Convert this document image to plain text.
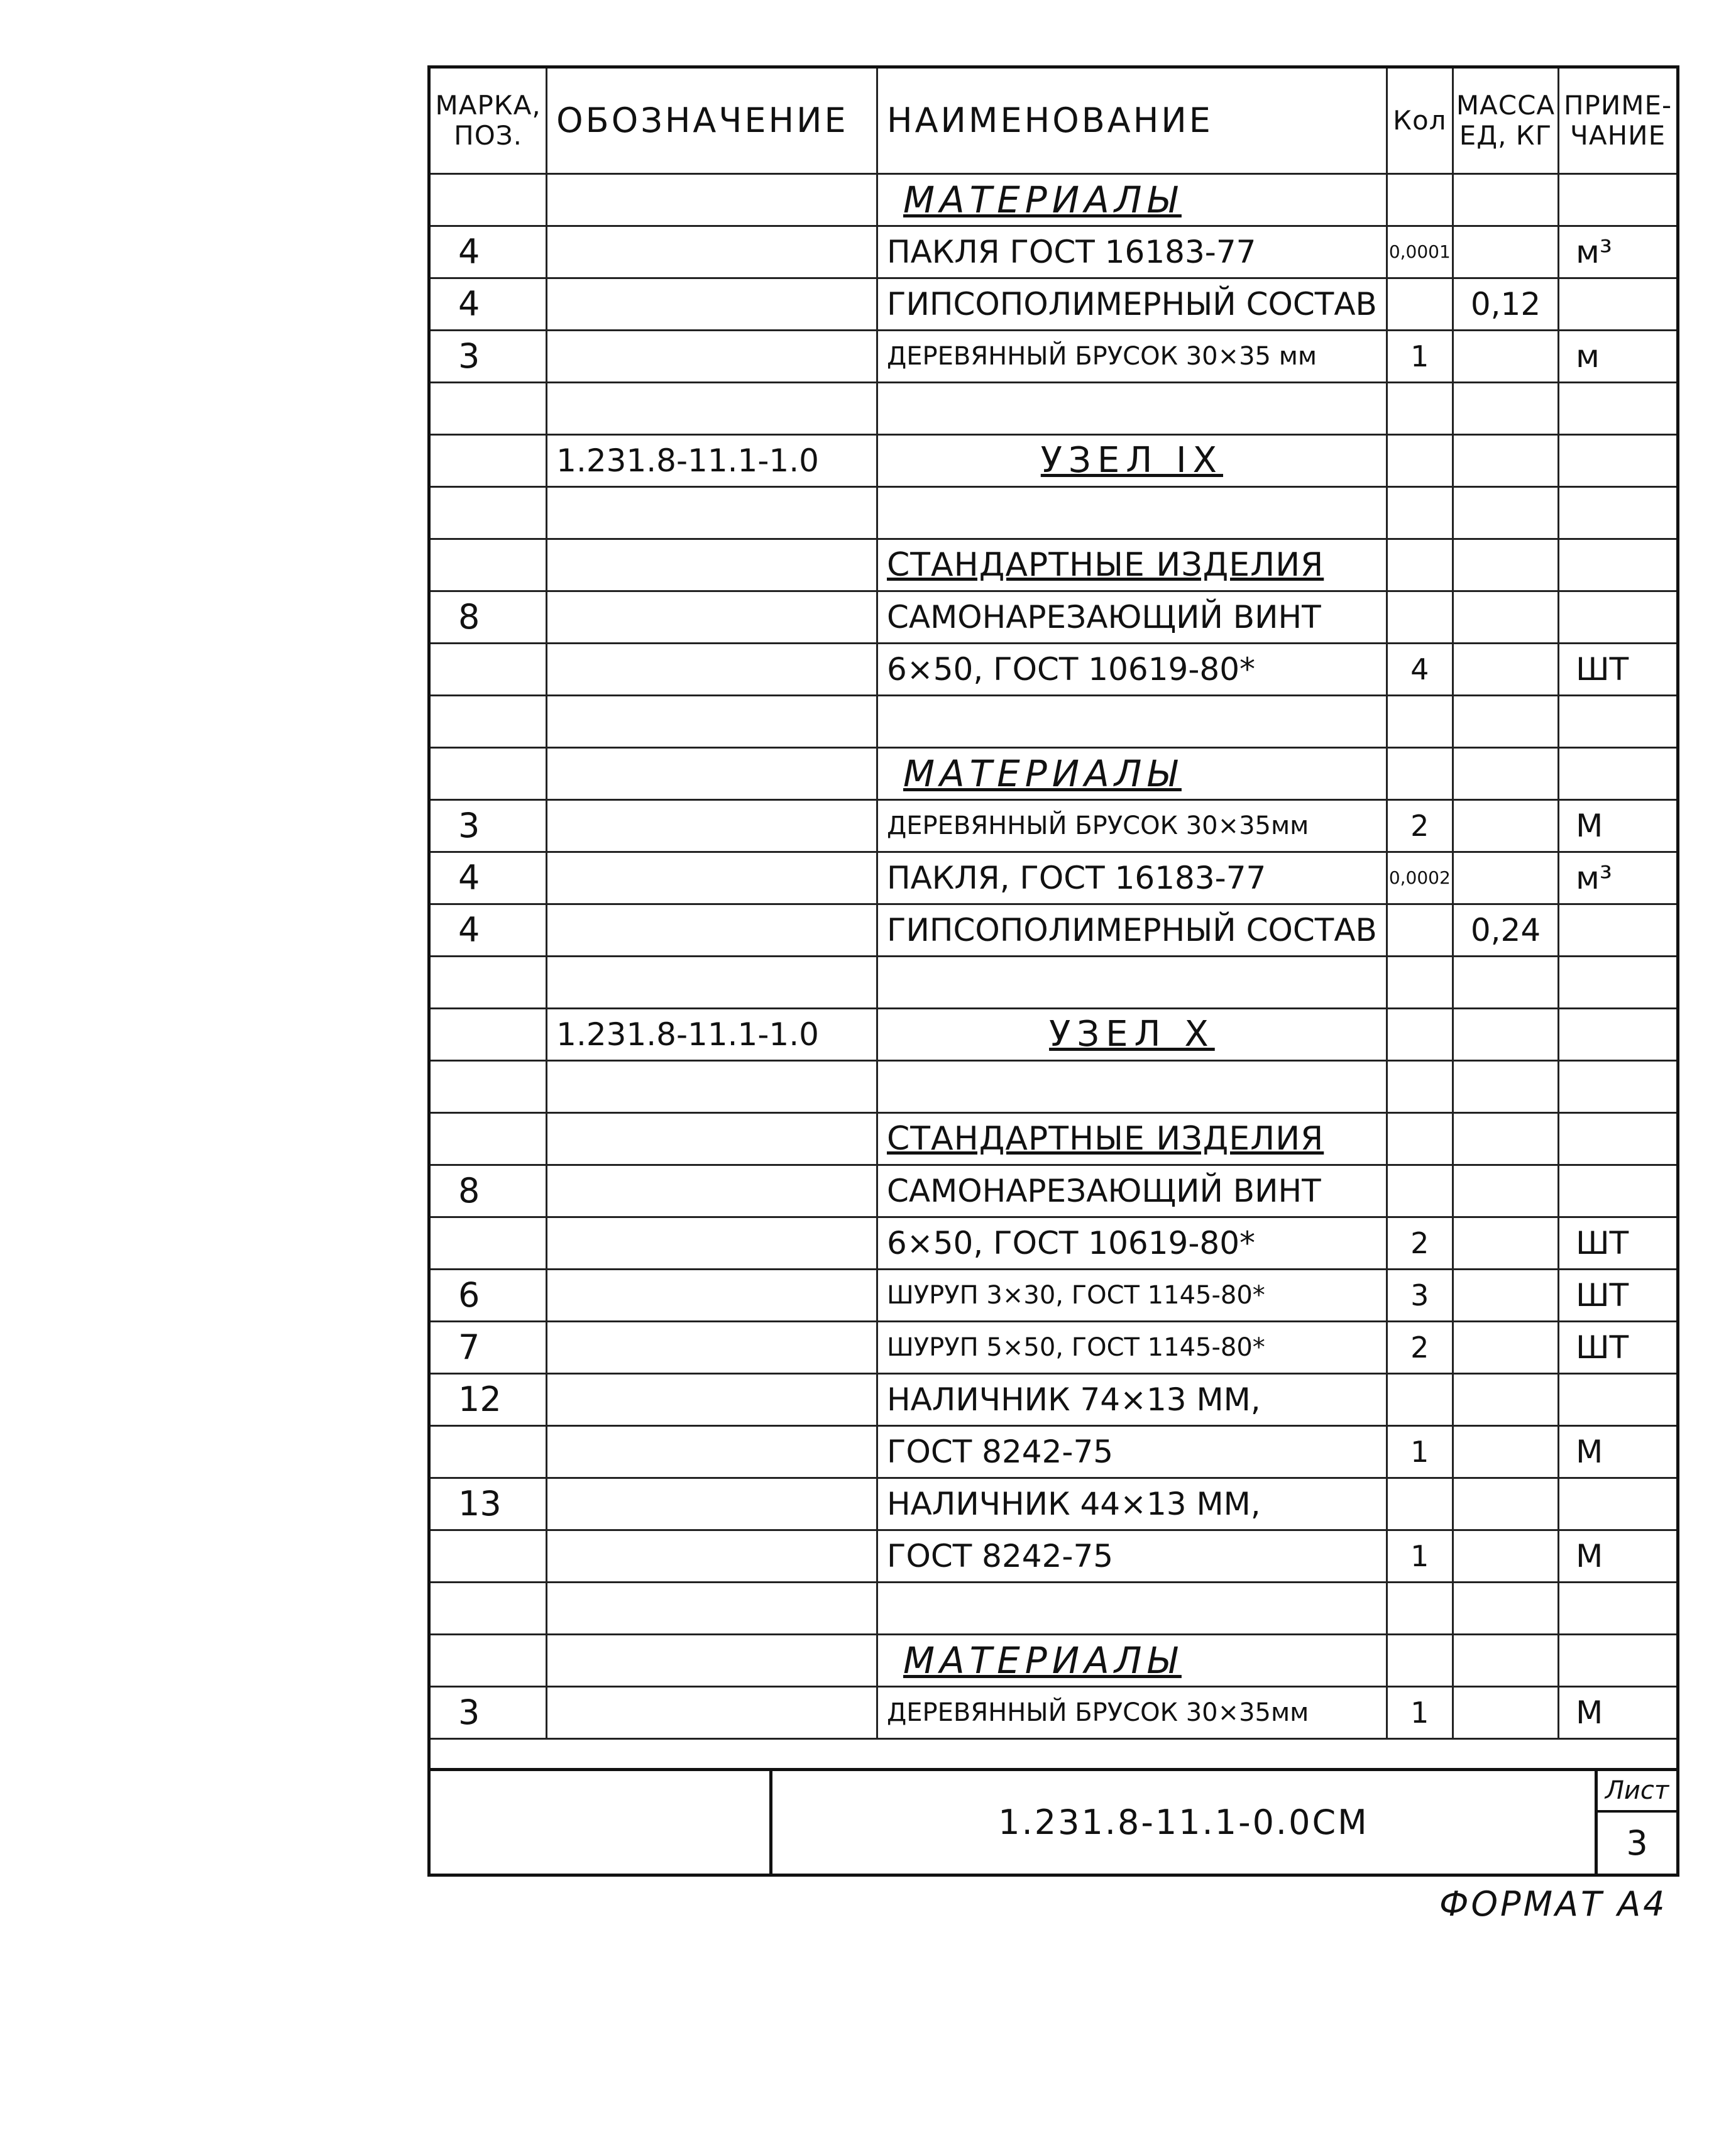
МАРКА, ПОЗ.	ОБОЗНАЧЕНИЕ	НАИМЕНОВАНИЕ	Кол	МАССА ЕД, КГ	ПРИМЕ-ЧАНИЕ
		МАТЕРИАЛЫ			
4		ПАКЛЯ ГОСТ 16183-77	0,0001		м³
4		ГИПСОПОЛИМЕРНЫЙ СОСТАВ		0,12	
3		ДЕРЕВЯННЫЙ БРУСОК 30×35 мм	1		м

	1.231.8-11.1-1.0	УЗЕЛ IX			

		СТАНДАРТНЫЕ ИЗДЕЛИЯ			
8		САМОНАРЕЗАЮЩИЙ ВИНТ			
		6×50, ГОСТ 10619-80*	4		ШТ

		МАТЕРИАЛЫ			
3		ДЕРЕВЯННЫЙ БРУСОК 30×35мм	2		М
4		ПАКЛЯ, ГОСТ 16183-77	0,0002		м³
4		ГИПСОПОЛИМЕРНЫЙ СОСТАВ		0,24	

	1.231.8-11.1-1.0	УЗЕЛ X			

		СТАНДАРТНЫЕ ИЗДЕЛИЯ			
8		САМОНАРЕЗАЮЩИЙ ВИНТ			
		6×50, ГОСТ 10619-80*	2		ШТ
6		ШУРУП 3×30, ГОСТ 1145-80*	3		ШТ
7		ШУРУП 5×50, ГОСТ 1145-80*	2		ШТ
12		НАЛИЧНИК 74×13 ММ,			
		ГОСТ 8242-75	1		М
13		НАЛИЧНИК 44×13 ММ,			
		ГОСТ 8242-75	1		М

		МАТЕРИАЛЫ			
3		ДЕРЕВЯННЫЙ БРУСОК 30×35мм	1		М
1.231.8-11.1-0.0СМ
Лист
3
ФОРМАТ А4
